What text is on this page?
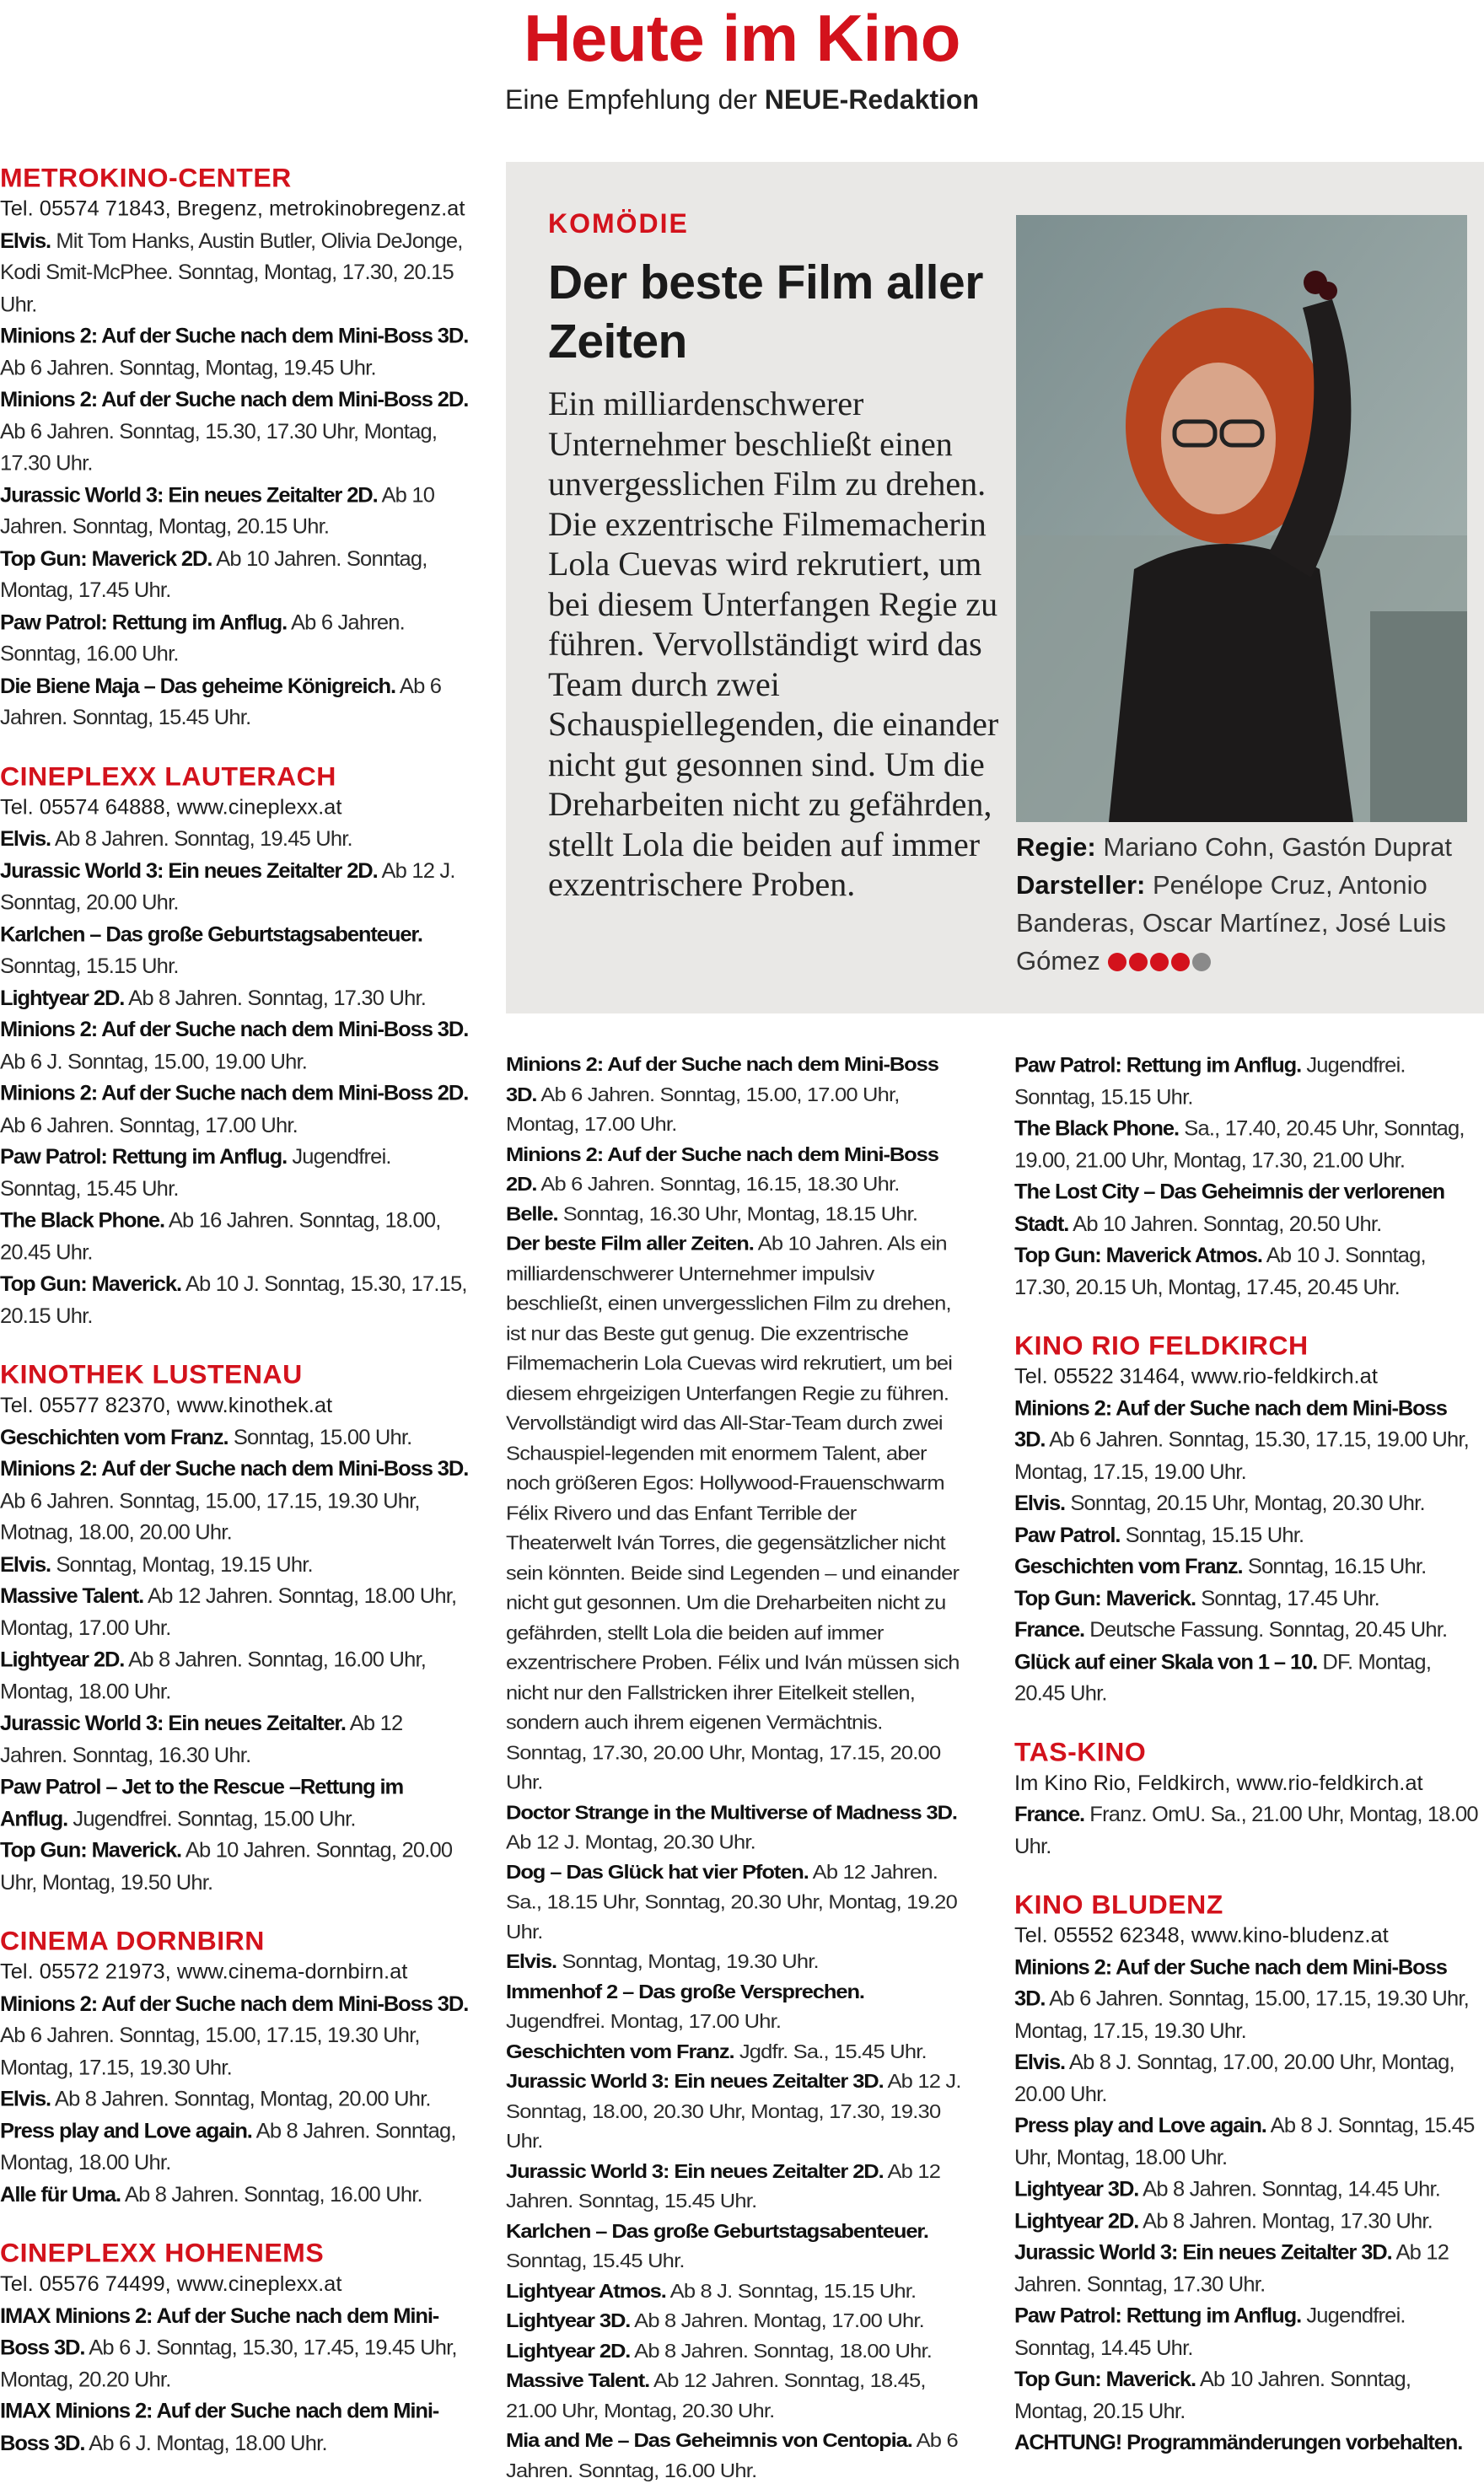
Heute im Kino
Eine Empfehlung der NEUE-Redaktion
METROKINO-CENTER
Tel. 05574 71843, Bregenz, metrokinobregenz.at
Elvis. Mit Tom Hanks, Austin Butler, Olivia DeJonge, Kodi Smit-McPhee. Sonntag, Montag, 17.30, 20.15 Uhr.
Minions 2: Auf der Suche nach dem Mini-Boss 3D. Ab 6 Jahren. Sonntag, Montag, 19.45 Uhr.
Minions 2: Auf der Suche nach dem Mini-Boss 2D. Ab 6 Jahren. Sonntag, 15.30, 17.30 Uhr, Montag, 17.30 Uhr.
Jurassic World 3: Ein neues Zeitalter 2D. Ab 10 Jahren. Sonntag, Montag, 20.15 Uhr.
Top Gun: Maverick 2D. Ab 10 Jahren. Sonntag, Montag, 17.45 Uhr.
Paw Patrol: Rettung im Anflug. Ab 6 Jahren. Sonntag, 16.00 Uhr.
Die Biene Maja – Das geheime Königreich. Ab 6 Jahren. Sonntag, 15.45 Uhr.
CINEPLEXX LAUTERACH
Tel. 05574 64888, www.cineplexx.at
Elvis. Ab 8 Jahren. Sonntag, 19.45 Uhr.
Jurassic World 3: Ein neues Zeitalter 2D. Ab 12 J. Sonntag, 20.00 Uhr.
Karlchen – Das große Geburtstagsabenteuer. Sonntag, 15.15 Uhr.
Lightyear 2D. Ab 8 Jahren. Sonntag, 17.30 Uhr.
Minions 2: Auf der Suche nach dem Mini-Boss 3D. Ab 6 J. Sonntag, 15.00, 19.00 Uhr.
Minions 2: Auf der Suche nach dem Mini-Boss 2D. Ab 6 Jahren. Sonntag, 17.00 Uhr.
Paw Patrol: Rettung im Anflug. Jugendfrei. Sonntag, 15.45 Uhr.
The Black Phone. Ab 16 Jahren. Sonntag, 18.00, 20.45 Uhr.
Top Gun: Maverick. Ab 10 J. Sonntag, 15.30, 17.15, 20.15 Uhr.
KINOTHEK LUSTENAU
Tel. 05577 82370, www.kinothek.at
Geschichten vom Franz. Sonntag, 15.00 Uhr.
Minions 2: Auf der Suche nach dem Mini-Boss 3D. Ab 6 Jahren. Sonntag, 15.00, 17.15, 19.30 Uhr, Motnag, 18.00, 20.00 Uhr.
Elvis. Sonntag, Montag, 19.15 Uhr.
Massive Talent. Ab 12 Jahren. Sonntag, 18.00 Uhr, Montag, 17.00 Uhr.
Lightyear 2D. Ab 8 Jahren. Sonntag, 16.00 Uhr, Montag, 18.00 Uhr.
Jurassic World 3: Ein neues Zeitalter. Ab 12 Jahren. Sonntag, 16.30 Uhr.
Paw Patrol – Jet to the Rescue –Rettung im Anflug. Jugendfrei. Sonntag, 15.00 Uhr.
Top Gun: Maverick. Ab 10 Jahren. Sonntag, 20.00 Uhr, Montag, 19.50 Uhr.
CINEMA DORNBIRN
Tel. 05572 21973, www.cinema-dornbirn.at
Minions 2: Auf der Suche nach dem Mini-Boss 3D. Ab 6 Jahren. Sonntag, 15.00, 17.15, 19.30 Uhr, Montag, 17.15, 19.30 Uhr.
Elvis. Ab 8 Jahren. Sonntag, Montag, 20.00 Uhr.
Press play and Love again. Ab 8 Jahren. Sonntag, Montag, 18.00 Uhr.
Alle für Uma. Ab 8 Jahren. Sonntag, 16.00 Uhr.
CINEPLEXX HOHENEMS
Tel. 05576 74499, www.cineplexx.at
IMAX Minions 2: Auf der Suche nach dem Mini-Boss 3D. Ab 6 J. Sonntag, 15.30, 17.45, 19.45 Uhr, Montag, 20.20 Uhr.
IMAX Minions 2: Auf der Suche nach dem Mini-Boss 3D. Ab 6 J. Montag, 18.00 Uhr.
KOMÖDIE
Der beste Film aller Zeiten
Ein milliardenschwerer Unternehmer beschließt einen unvergesslichen Film zu drehen. Die exzentrische Filmemacherin Lola Cuevas wird rekrutiert, um bei diesem Unterfangen Regie zu führen. Vervollständigt wird das Team durch zwei Schauspiellegenden, die einander nicht gut gesonnen sind. Um die Dreharbeiten nicht zu gefährden, stellt Lola die beiden auf immer exzentrischere Proben.
Regie: Mariano Cohn, Gastón Duprat
Darsteller: Penélope Cruz, Antonio Banderas, Oscar Martínez, José Luis Gómez
Minions 2: Auf der Suche nach dem Mini-Boss 3D. Ab 6 Jahren. Sonntag, 15.00, 17.00 Uhr, Montag, 17.00 Uhr.
Minions 2: Auf der Suche nach dem Mini-Boss 2D. Ab 6 Jahren. Sonntag, 16.15, 18.30 Uhr.
Belle. Sonntag, 16.30 Uhr, Montag, 18.15 Uhr.
Der beste Film aller Zeiten. Ab 10 Jahren. Als ein milliardenschwerer Unternehmer impulsiv beschließt, einen unvergesslichen Film zu drehen, ist nur das Beste gut genug. Die exzentrische Filmemacherin Lola Cuevas wird rekrutiert, um bei diesem ehrgeizigen Unterfangen Regie zu führen. Vervollständigt wird das All-Star-Team durch zwei Schauspiel-legenden mit enormem Talent, aber noch größeren Egos: Hollywood-Frauenschwarm Félix Rivero und das Enfant Terrible der Theaterwelt Iván Torres, die gegensätzlicher nicht sein könnten. Beide sind Legenden – und einander nicht gut gesonnen. Um die Dreharbeiten nicht zu gefährden, stellt Lola die beiden auf immer exzentrischere Proben. Félix und Iván müssen sich nicht nur den Fallstricken ihrer Eitelkeit stellen, sondern auch ihrem eigenen Vermächtnis. Sonntag, 17.30, 20.00 Uhr, Montag, 17.15, 20.00 Uhr.
Doctor Strange in the Multiverse of Madness 3D. Ab 12 J. Montag, 20.30 Uhr.
Dog – Das Glück hat vier Pfoten. Ab 12 Jahren. Sa., 18.15 Uhr, Sonntag, 20.30 Uhr, Montag, 19.20 Uhr.
Elvis. Sonntag, Montag, 19.30 Uhr.
Immenhof 2 – Das große Versprechen. Jugendfrei. Montag, 17.00 Uhr.
Geschichten vom Franz. Jgdfr. Sa., 15.45 Uhr.
Jurassic World 3: Ein neues Zeitalter 3D. Ab 12 J. Sonntag, 18.00, 20.30 Uhr, Montag, 17.30, 19.30 Uhr.
Jurassic World 3: Ein neues Zeitalter 2D. Ab 12 Jahren. Sonntag, 15.45 Uhr.
Karlchen – Das große Geburtstagsabenteuer. Sonntag, 15.45 Uhr.
Lightyear Atmos. Ab 8 J. Sonntag, 15.15 Uhr.
Lightyear 3D. Ab 8 Jahren. Montag, 17.00 Uhr.
Lightyear 2D. Ab 8 Jahren. Sonntag, 18.00 Uhr.
Massive Talent. Ab 12 Jahren. Sonntag, 18.45, 21.00 Uhr, Montag, 20.30 Uhr.
Mia and Me – Das Geheimnis von Centopia. Ab 6 Jahren. Sonntag, 16.00 Uhr.
Paw Patrol: Rettung im Anflug. Jugendfrei. Sonntag, 15.15 Uhr.
The Black Phone. Sa., 17.40, 20.45 Uhr, Sonntag, 19.00, 21.00 Uhr, Montag, 17.30, 21.00 Uhr.
The Lost City – Das Geheimnis der verlorenen Stadt. Ab 10 Jahren. Sonntag, 20.50 Uhr.
Top Gun: Maverick Atmos. Ab 10 J. Sonntag, 17.30, 20.15 Uh, Montag, 17.45, 20.45 Uhr.
KINO RIO FELDKIRCH
Tel. 05522 31464, www.rio-feldkirch.at
Minions 2: Auf der Suche nach dem Mini-Boss 3D. Ab 6 Jahren. Sonntag, 15.30, 17.15, 19.00 Uhr, Montag, 17.15, 19.00 Uhr.
Elvis. Sonntag, 20.15 Uhr, Montag, 20.30 Uhr.
Paw Patrol. Sonntag, 15.15 Uhr.
Geschichten vom Franz. Sonntag, 16.15 Uhr.
Top Gun: Maverick. Sonntag, 17.45 Uhr.
France. Deutsche Fassung. Sonntag, 20.45 Uhr.
Glück auf einer Skala von 1 – 10. DF. Montag, 20.45 Uhr.
TAS-KINO
Im Kino Rio, Feldkirch, www.rio-feldkirch.at
France. Franz. OmU. Sa., 21.00 Uhr, Montag, 18.00 Uhr.
KINO BLUDENZ
Tel. 05552 62348, www.kino-bludenz.at
Minions 2: Auf der Suche nach dem Mini-Boss 3D. Ab 6 Jahren. Sonntag, 15.00, 17.15, 19.30 Uhr, Montag, 17.15, 19.30 Uhr.
Elvis. Ab 8 J. Sonntag, 17.00, 20.00 Uhr, Montag, 20.00 Uhr.
Press play and Love again. Ab 8 J. Sonntag, 15.45 Uhr, Montag, 18.00 Uhr.
Lightyear 3D. Ab 8 Jahren. Sonntag, 14.45 Uhr.
Lightyear 2D. Ab 8 Jahren. Montag, 17.30 Uhr.
Jurassic World 3: Ein neues Zeitalter 3D. Ab 12 Jahren. Sonntag, 17.30 Uhr.
Paw Patrol: Rettung im Anflug. Jugendfrei. Sonntag, 14.45 Uhr.
Top Gun: Maverick. Ab 10 Jahren. Sonntag, Montag, 20.15 Uhr.
ACHTUNG! Programmänderungen vorbehalten.
